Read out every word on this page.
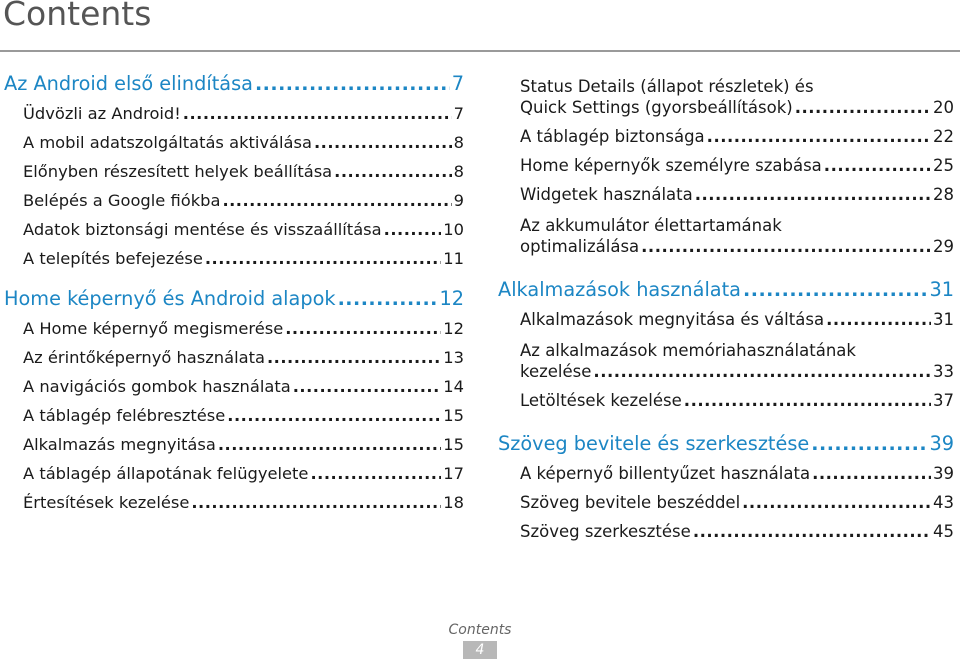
Contents
Az Android első elindítása .....	7
Üdvözli az Android! .....	7
A mobil adatszolgáltatás aktiválása .....	8
Előnyben részesített helyek beállítása .....	8
Belépés a Google fiókba .....	9
Adatok biztonsági mentése és visszaállítása .....	10
A telepítés befejezése .....	11
Home képernyő és Android alapok .....	12
A Home képernyő megismerése .....	12
Az érintőképernyő használata .....	13
A navigációs gombok használata .....	14
A táblagép felébresztése .....	15
Alkalmazás megnyitása .....	15
A táblagép állapotának felügyelete .....	17
Értesítések kezelése .....	18
Status Details (állapot részletek) és
Quick Settings (gyorsbeállítások) .....	20
A táblagép biztonsága .....	22
Home képernyők személyre szabása .....	25
Widgetek használata .....	28
Az akkumulátor élettartamának
optimalizálása .....	29
Alkalmazások használata .....	31
Alkalmazások megnyitása és váltása .....	31
Az alkalmazások memóriahasználatának
kezelése .....	33
Letöltések kezelése .....	37
Szöveg bevitele és szerkesztése .....	39
A képernyő billentyűzet használata .....	39
Szöveg bevitele beszéddel .....	43
Szöveg szerkesztése .....	45
Contents
4
